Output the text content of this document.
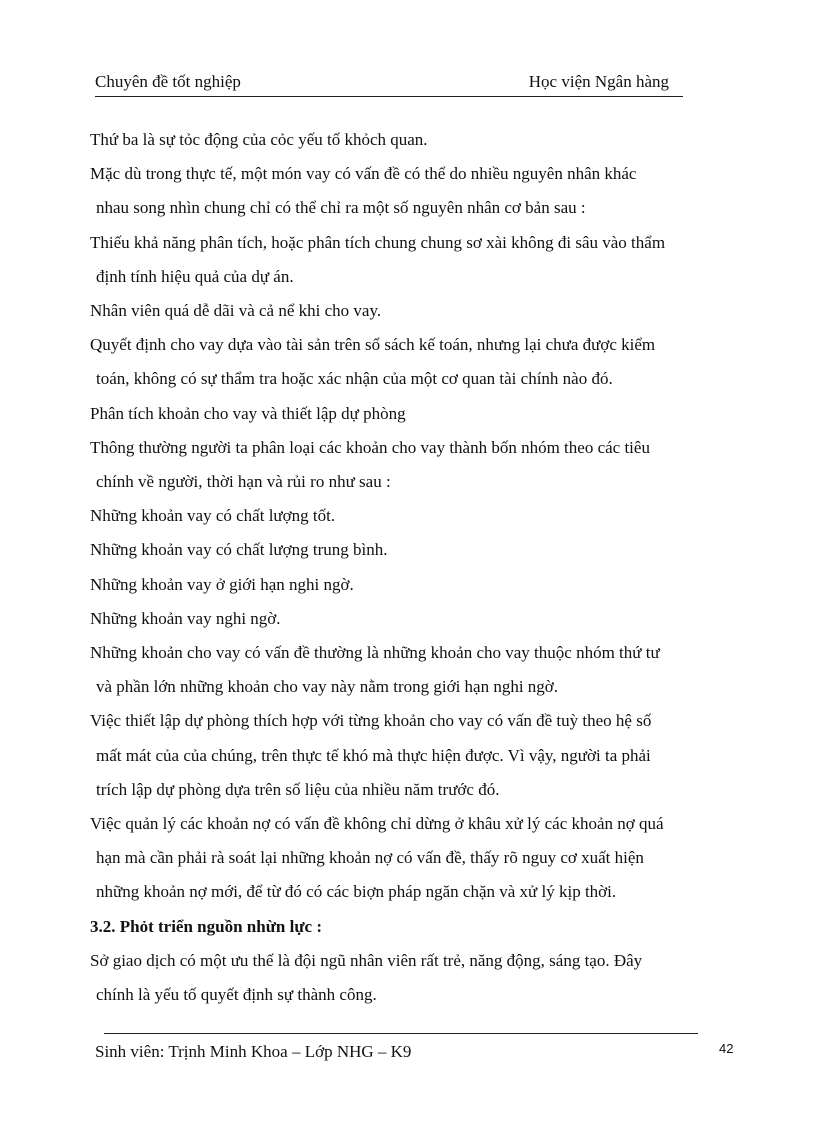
Chuyên đề tốt nghiệp	Học viện Ngân hàng

Thứ ba là sự tỏc động của cỏc yếu tố khỏch quan.

Mặc dù trong thực tế, một món vay có vấn đề có thể do nhiều nguyên nhân khác
nhau song nhìn chung chỉ có thể chỉ ra một số nguyên nhân cơ bản sau :

Thiếu khả năng phân tích, hoặc phân tích chung chung sơ xài không đi sâu vào thẩm
định tính hiệu quả của dự án.

Nhân viên quá dễ dãi và cả nể khi cho vay.

Quyết định cho vay dựa vào tài sản trên sổ sách kế toán, nhưng lại chưa được kiểm
toán, không có sự thẩm tra hoặc xác nhận của một cơ quan tài chính nào đó.

Phân tích khoản cho vay và thiết lập dự phòng

Thông thường người ta phân loại các khoản cho vay thành bốn nhóm theo các tiêu
chính về người, thời hạn và rủi ro như sau :

Những khoản vay có chất lượng tốt.

Những khoản vay có chất lượng trung bình.

Những khoản vay ở giới hạn nghi ngờ.

Những khoản vay nghi ngờ.

Những khoản cho vay có vấn đề thường là những khoản cho vay thuộc nhóm thứ tư
và phần lớn những khoản cho vay này nằm trong giới hạn nghi ngờ.

Việc thiết lập dự phòng thích hợp với từng khoản cho vay có vấn đề tuỳ theo hệ số
mất mát của của chúng, trên thực tế khó mà thực hiện được. Vì vậy, người ta phải
trích lập dự phòng dựa trên số liệu của nhiều năm trước đó.

Việc quản lý các khoản nợ có vấn đề không chỉ dừng ở khâu xử lý các khoản nợ quá
hạn mà cần phải rà soát lại những khoản nợ có vấn đề, thấy rõ nguy cơ xuất hiện
những khoản nợ mới, để từ đó có các biợn pháp ngăn chặn và xử lý kịp thời.

3.2. Phỏt triển nguồn nhừn lực :

Sở giao dịch có một ưu thế là đội ngũ nhân viên rất trẻ, năng động, sáng tạo. Đây
chính là yếu tố quyết định sự thành công.

Sinh viên: Trịnh Minh Khoa – Lớp NHG – K9	42
